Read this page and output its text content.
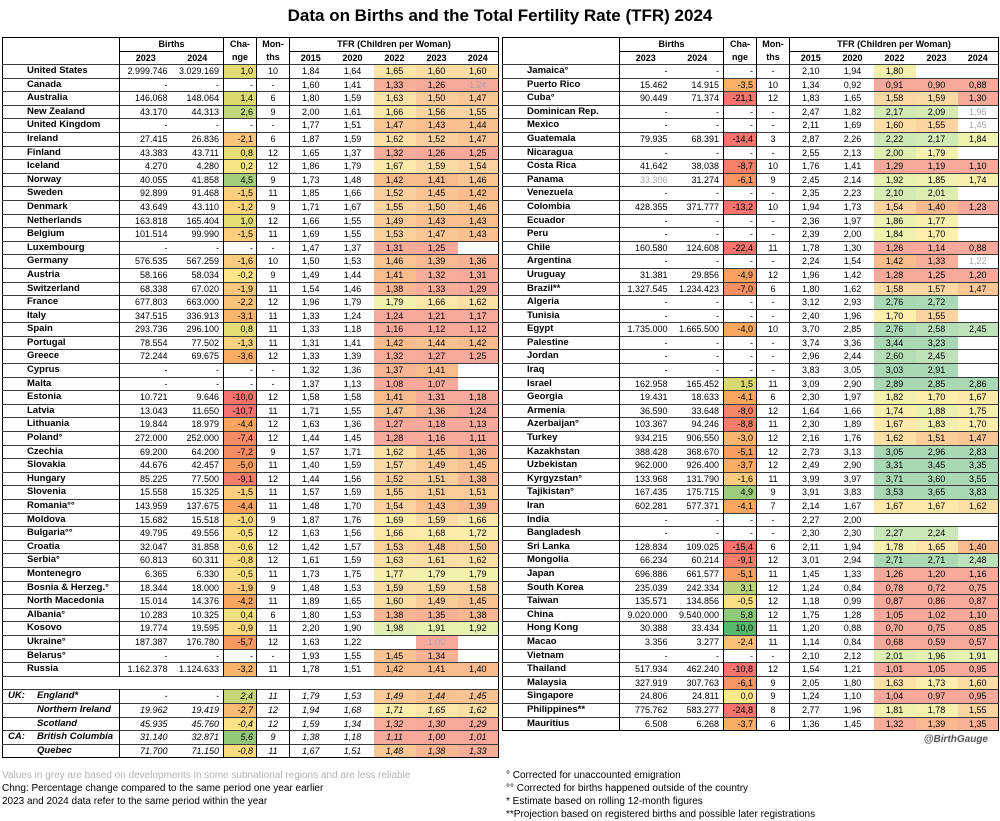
Data on Births and the Total Fertility Rate (TFR) 2024
	Births		Cha-	Mon-	TFR (Children per Woman)				
	2023	2024	nge	ths	2015	2020	2022	2023	2024
United States	2.999.746	3.029.169	1,0	10	1,84	1,64	1,65	1,60	1,60
Canada	-	-	-	-	1,60	1,41	1,33	1,26	1,24
Australia	146.068	148.064	1,4	6	1,80	1,59	1,63	1,50	1,47
New Zealand	43.170	44.313	2,6	9	2,00	1,61	1,66	1,56	1,55
United Kingdom	-	-	-	-	1,77	1,51	1,47	1,43	1,44
Ireland	27.415	26.836	-2,1	6	1,87	1,59	1,62	1,52	1,47
Finland	43.383	43.711	0,8	12	1,65	1,37	1,32	1,26	1,25
Iceland	4.270	4.280	0,2	12	1,86	1,79	1,67	1,59	1,54
Norway	40.055	41.858	4,5	9	1,73	1,48	1,42	1,41	1,46
Sweden	92.899	91.468	-1,5	11	1,85	1,66	1,52	1,45	1,42
Denmark	43.649	43.110	-1,2	9	1,71	1,67	1,55	1,50	1,46
Netherlands	163.818	165.404	1,0	12	1,66	1,55	1,49	1,43	1,43
Belgium	101.514	99.990	-1,5	11	1,69	1,55	1,53	1,47	1,43
Luxembourg	-	-	-	-	1,47	1,37	1,31	1,25	
Germany	576.535	567.259	-1,6	10	1,50	1,53	1,46	1,39	1,36
Austria	58.166	58.034	-0,2	9	1,49	1,44	1,41	1,32	1,31
Switzerland	68.338	67.020	-1,9	11	1,54	1,46	1,38	1,33	1,29
France	677.803	663.000	-2,2	12	1,96	1,79	1,79	1,66	1,62
Italy	347.515	336.913	-3,1	11	1,33	1,24	1,24	1,21	1,17
Spain	293.736	296.100	0,8	11	1,33	1,18	1,16	1,12	1,12
Portugal	78.554	77.502	-1,3	11	1,31	1,41	1,42	1,44	1,42
Greece	72.244	69.675	-3,6	12	1,33	1,39	1,32	1,27	1,25
Cyprus	-	-	-	-	1,32	1,36	1,37	1,41	
Malta	-	-	-	-	1,37	1,13	1,08	1,07	
Estonia	10.721	9.646	-10,0	12	1,58	1,58	1,41	1,31	1,18
Latvia	13.043	11.650	-10,7	11	1,71	1,55	1,47	1,36	1,24
Lithuania	19.844	18.979	-4,4	12	1,63	1,36	1,27	1,18	1,13
Poland°	272.000	252.000	-7,4	12	1,44	1,45	1,28	1,16	1,11
Czechia	69.200	64.200	-7,2	9	1,57	1,71	1,62	1,45	1,36
Slovakia	44.676	42.457	-5,0	11	1,40	1,59	1,57	1,49	1,45
Hungary	85.225	77.500	-9,1	12	1,44	1,56	1,52	1,51	1,38
Slovenia	15.558	15.325	-1,5	11	1,57	1,59	1,55	1,51	1,51
Romania°°	143.959	137.675	-4,4	11	1,48	1,70	1,54	1,43	1,39
Moldova	15.682	15.518	-1,0	9	1,87	1,76	1,69	1,59	1,66
Bulgaria°°	49.795	49.556	-0,5	12	1,63	1,56	1,66	1,68	1,72
Croatia	32.047	31.858	-0,6	12	1,42	1,57	1,53	1,48	1,50
Serbia°	60.813	60.311	-0,8	12	1,61	1,59	1,63	1,61	1,62
Montenegro	6.365	6.330	-0,5	11	1,73	1,75	1,77	1,79	1,79
Bosnia & Herzeg.°	18.344	18.000	-1,9	9	1,48	1,53	1,59	1,59	1,58
North Macedonia	15.014	14.376	-4,2	11	1,89	1,65	1,60	1,49	1,45
Albania°	10.283	10.325	0,4	6	1,80	1,53	1,38	1,35	1,38
Kosovo	19.774	19.595	-0,9	11	2,20	1,90	1,98	1,91	1,92
Ukraine°	187.387	176.780	-5,7	12	1,63	1,22		1,00	
Belarus°	-	-	-	-	1,93	1,55	1,45	1,34	
Russia	1.162.378	1.124.633	-3,2	11	1,78	1,51	1,42	1,41	1,40

UK: England*	-	-	2,4	11	1,79	1,53	1,49	1,44	1,45

Northern Ireland	19.962	19.419	-2,7	12	1,94	1,68	1,71	1,65	1,62

Scotland	45.935	45.760	-0,4	12	1,59	1,34	1,32	1,30	1,29

CA: British Columbia	31.140	32.871	5,6	9	1,38	1,18	1,11	1,00	1,01

Quebec	71.700	71.150	-0,8	11	1,67	1,51	1,48	1,38	1,33
	Births		Cha-	Mon-	TFR (Children per Woman)				
	2023	2024	nge	ths	2015	2020	2022	2023	2024
Jamaica°	-	-	-	-	2,10	1,94	1,80		
Puerto Rico	15.462	14.915	-3,5	10	1,34	0,92	0,91	0,90	0,88
Cuba°	90.449	71.374	-21,1	12	1,83	1,65	1,58	1,59	1,30
Dominican Rep.	-	-	-	-	2,47	1,82	2,17	2,09	1,95
Mexico	-	-	-	-	2,11	1,69	1,60	1,55	1,45
Guatemala	79.935	68.391	-14,4	3	2,87	2,26	2,22	2,17	1,84
Nicaragua	-	-	-	-	2,55	2,13	2,00	1,79	
Costa Rica	41.642	38.038	-8,7	10	1,76	1,41	1,29	1,19	1,10
Panama	33.306	31.274	-6,1	9	2,45	2,14	1,92	1,85	1,74
Venezuela	-	-	-	-	2,35	2,23	2,10	2,01	
Colombia	428.355	371.777	-13,2	10	1,94	1,73	1,54	1,40	1,23
Ecuador	-	-	-	-	2,36	1,97	1,86	1,77	
Peru	-	-	-	-	2,39	2,00	1,84	1,70	
Chile	160.580	124.608	-22,4	11	1,78	1,30	1,26	1,14	0,88
Argentina	-	-	-	-	2,24	1,54	1,42	1,33	1,22
Uruguay	31.381	29.856	-4,9	12	1,96	1,42	1,28	1,25	1,20
Brazil**	1.327.545	1.234.423	-7,0	6	1,80	1,62	1,58	1,57	1,47
Algeria	-	-	-	-	3,12	2,93	2,76	2,72	
Tunisia	-	-	-	-	2,40	1,96	1,70	1,55	
Egypt	1.735.000	1.665.500	-4,0	10	3,70	2,85	2,76	2,58	2,45
Palestine	-	-	-	-	3,74	3,36	3,44	3,23	
Jordan	-	-	-	-	2,96	2,44	2,60	2,45	
Iraq	-	-	-	-	3,83	3,05	3,03	2,91	
Israel	162.958	165.452	1,5	11	3,09	2,90	2,89	2,85	2,86
Georgia	19.431	18.633	-4,1	6	2,30	1,97	1,82	1,70	1,67
Armenia	36.590	33.648	-8,0	12	1,64	1,66	1,74	1,88	1,75
Azerbaijan°	103.367	94.246	-8,8	11	2,30	1,89	1,67	1,83	1,70
Turkey	934.215	906.550	-3,0	12	2,16	1,76	1,62	1,51	1,47
Kazakhstan	388.428	368.670	-5,1	12	2,73	3,13	3,05	2,96	2,83
Uzbekistan	962.000	926.400	-3,7	12	2,49	2,90	3,31	3,45	3,35
Kyrgyzstan°	133.968	131.790	-1,6	11	3,99	3,97	3,71	3,60	3,55
Tajikistan°	167.435	175.715	4,9	9	3,91	3,83	3,53	3,65	3,83
Iran	602.281	577.371	-4,1	7	2,14	1,67	1,67	1,67	1,62
India	-	-	-	-	2,27	2,00			
Bangladesh	-	-	-	-	2,30	2,30	2,27	2,24	
Sri Lanka	128.834	109.025	-15,4	6	2,11	1,94	1,78	1,65	1,40
Mongolia	66.234	60.214	-9,1	12	3,01	2,94	2,71	2,71	2,48
Japan	696.886	661.577	-5,1	11	1,45	1,33	1,26	1,20	1,16
South Korea	235.039	242.334	3,1	12	1,24	0,84	0,78	0,72	0,75
Taiwan	135.571	134.856	-0,5	12	1,18	0,99	0,87	0,86	0,87
China	9.020.000	9.540.000	5,8	12	1,75	1,28	1,05	1,02	1,10
Hong Kong	30.388	33.434	10,0	11	1,20	0,88	0,70	0,75	0,85
Macao	3.356	3.277	-2,4	11	1,14	0,84	0,68	0,59	0,57
Vietnam	-	-	-	-	2,10	2,12	2,01	1,96	1,91
Thailand	517.934	462.240	-10,8	12	1,54	1,21	1,01	1,05	0,95
Malaysia	327.919	307.763	-6,1	9	2,05	1,80	1,63	1,73	1,60
Singapore	24.806	24.811	0,0	9	1,24	1,10	1,04	0,97	0,95
Philippines**	775.762	583.277	-24,8	8	2,77	1,96	1,81	1,78	1,55
Mauritius	6.508	6.268	-3,7	6	1,36	1,45	1,32	1,39	1,35
@BirthGauge
Values in grey are based on developments in some subnational regions and are less reliable
Chng: Percentage change compared to the same period one year earlier
2023 and 2024 data refer to the same period within the year
° Corrected for unaccounted emigration
°° Corrected for births happened outside of the country
* Estimate based on rolling 12-month figures
**Projection based on registered births and possible later registrations
